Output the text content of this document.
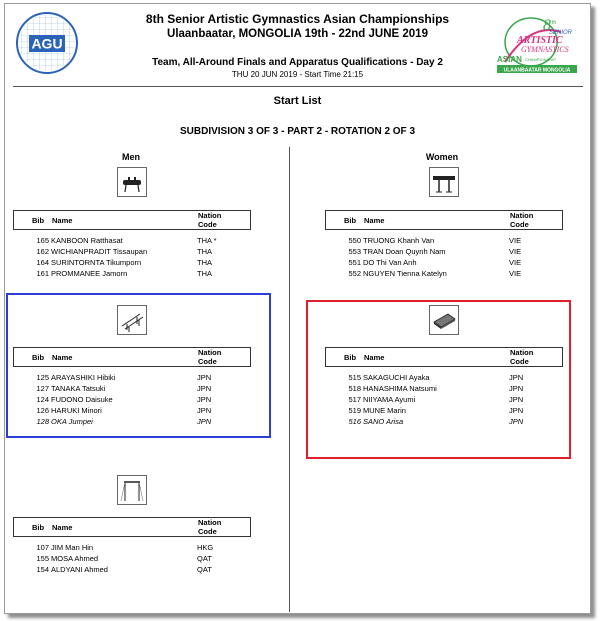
AGU
8 th
SENIOR
ARTISTIC
GYMNASTICS
ASIAN CHAMPIONSHIP
ULAANBAATAR MONGOLIA
8th Senior Artistic Gymnastics Asian Championships
Ulaanbaatar, MONGOLIA 19th - 22nd JUNE 2019
Team, All-Around Finals and Apparatus Qualifications - Day 2
THU 20 JUN 2019 - Start Time 21:15
Start List
SUBDIVISION 3 OF 3 - PART 2 - ROTATION 2 OF 3
Men	Women
Bib Name
Nation
Code
165 KANBOON Ratthasat	THA *
162 WICHIANPRADIT Tissaupan	THA
164 SURINTORNTA Tikumporn	THA
161 PROMMANEE Jamorn	THA
Bib Name
Nation
Code
125 ARAYASHIKI Hibiki	JPN
127 TANAKA Tatsuki	JPN
124 FUDONO Daisuke	JPN
126 HARUKI Minori	JPN
128 OKA Jumpei	JPN
Bib Name
Nation
Code
107 JIM Man Hin	HKG
155 MOSA Ahmed	QAT
154 ALDYANI Ahmed	QAT
Bib Name
Nation
Code
550 TRUONG Khanh Van	VIE
553 TRAN Doan Quynh Nam	VIE
551 DO Thi Van Anh	VIE
552 NGUYEN Tienna Katelyn	VIE
Bib Name
Nation
Code
515 SAKAGUCHI Ayaka	JPN
518 HANASHIMA Natsumi	JPN
517 NIIYAMA Ayumi	JPN
519 MUNE Marin	JPN
516 SANO Arisa	JPN
